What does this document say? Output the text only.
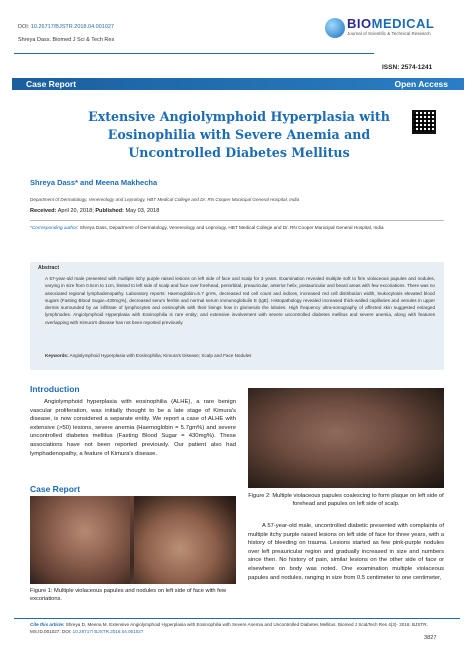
DOI: 10.26717/BJSTR.2018.04.001027
Shreya Dass. Biomed J Sci & Tech Res
BIOMEDICAL
Journal of Scientific & Technical Research
ISSN: 2574-1241
Case Report	Open Access
Extensive Angiolymphoid Hyperplasia with Eosinophilia with Severe Anemia and Uncontrolled Diabetes Mellitus
Shreya Dass* and Meena Makhecha
Department of Dermatology, Venereology and Leprology, HBT Medical College and Dr. RN Cooper Municipal General Hospital, India
Received: April 20, 2018; Published: May 03, 2018
*Corresponding author: Shreya Dass, Department of Dermatology, Venereology and Leprology, HBT Medical College and Dr. RN Cooper Municipal General Hospital, India
Abstract
A 57-year-old male presented with multiple itchy purple raised lesions on left side of face and scalp for 3 years. Examination revealed multiple soft to firm violaceous papules and nodules, varying in size from 0.5cm to 1cm, limited to left side of scalp and face over forehead, periorbital, preauricular, anterior helix, postauricular and beard areas with few excoriations. There was no associated regional lymphadenopathy. Laboratory reports: Haemoglobin=5.7 gm%, decreased red cell count and indices, increased red cell distribution width, leukocytosis elevated blood sugars (Fasting Blood Sugar=430mg%), decreased serum ferritin and normal serum immunoglobulin E (IgE). Histopathology revealed increased thick-walled capillaries and venules in upper dermis surrounded by an infiltrate of lymphocytes and eosinophils with their linings how in glomerulo the lobules. High frequency ultra-sonography of affected skin suggested enlarged lymphnodes. Angiolymphoid Hyperplasia with Eosinophilia is rare entity; and extensive involvement with severe uncontrolled diabetes mellitus and severe anemia, along with features overlapping with Kimura's disease has not been reported previously.
Keywords: Angiolymphoid Hyperplasia with Eosinophilia; Kimura's Disease; Scalp and Face Nodules
Introduction
Angiolymphoid hyperplasia with eosinophilia (ALHE), a rare benign vascular proliferation, was initially thought to be a late stage of Kimura's disease, is now considered a separate entity. We report a case of ALHE with extensive (>50) lesions, severe anemia (Haemoglobin = 5.7gm%) and severe uncontrolled diabetes mellitus (Fasting Blood Sugar = 430mg%). These associations have not been reported previously. Our patient also had lymphadenopathy, a feature of Kimura's disease.
Case Report
Figure 1: Multiple violaceous papules and nodules on left side of face with few excoriations.
Figure 2: Multiple violaceous papules coalescing to form plaque on left side of forehead and papules on left side of scalp.
A 57-year-old male, uncontrolled diabetic presented with complaints of multiple itchy purple raised lesions on left side of face for three years, with a history of bleeding on trauma. Lesions started as few pink-purple nodules over left preauricular region and gradually increased in size and numbers since then. No history of pain, similar lesions on the other side of face or elsewhere on body was noted. One examination multiple violaceous papules and nodules, ranging in size from 0.5 centimeter to one centimeter,
Cite this article: Shreya D, Meena M. Extensive Angiolymphoid Hyperplasia with Eosinophilia with Severe Anemia and Uncontrolled Diabetes Mellitus. Biomed J Sci&Tech Res 4(2)- 2018. BJSTR. MS.ID.001027. DOI: 10.26717/ BJSTR.2018.04.001027
3827
